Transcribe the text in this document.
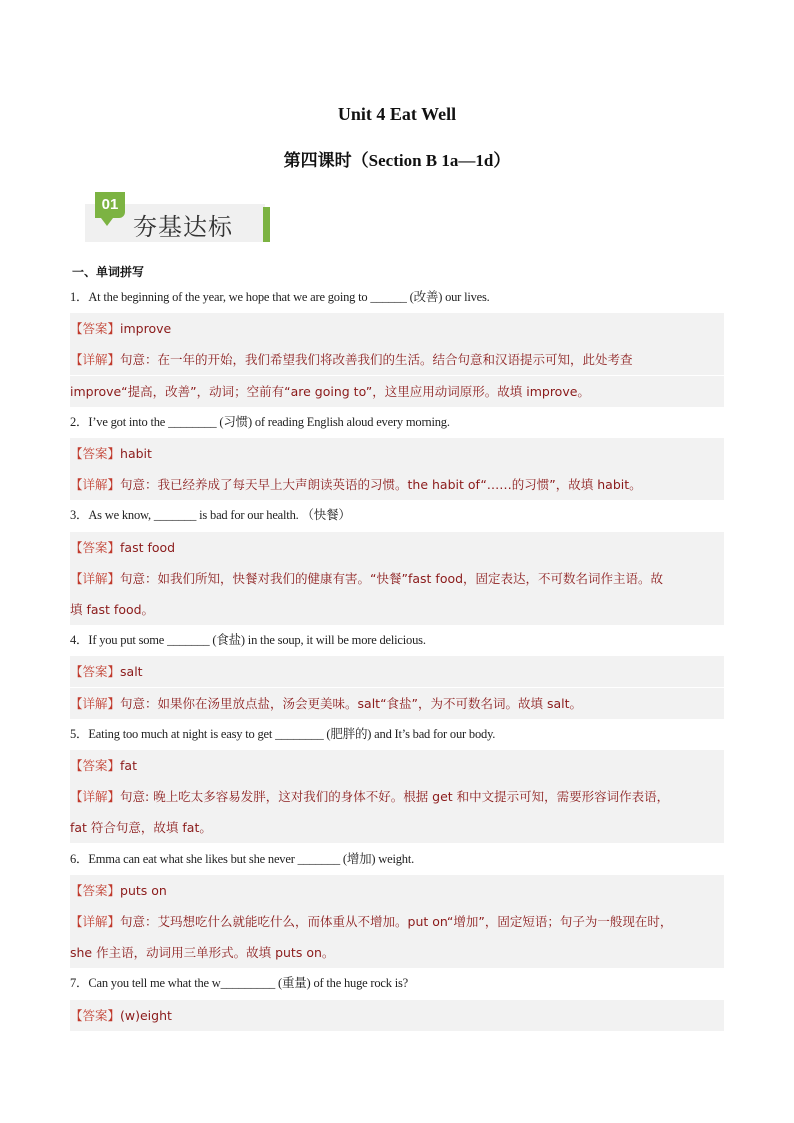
Unit 4 Eat Well
第四课时（Section B 1a—1d）
01
夯基达标
一、单词拼写
1．At the beginning of the year, we hope that we are going to ______ (改善) our lives.
【答案】improve
【详解】句意：在一年的开始，我们希望我们将改善我们的生活。结合句意和汉语提示可知，此处考查
improve“提高，改善”，动词；空前有“are going to”，这里应用动词原形。故填 improve。
2．I’ve got into the ________ (习惯) of reading English aloud every morning.
【答案】habit
【详解】句意：我已经养成了每天早上大声朗读英语的习惯。the habit of“……的习惯”，故填 habit。
3．As we know, _______ is bad for our health. （快餐）
【答案】fast food
【详解】句意：如我们所知，快餐对我们的健康有害。“快餐”fast food，固定表达，不可数名词作主语。故
填 fast food。
4．If you put some _______ (食盐) in the soup, it will be more delicious.
【答案】salt
【详解】句意：如果你在汤里放点盐，汤会更美味。salt“食盐”，为不可数名词。故填 salt。
5．Eating too much at night is easy to get ________ (肥胖的) and It’s bad for our body.
【答案】fat
【详解】句意: 晚上吃太多容易发胖，这对我们的身体不好。根据 get 和中文提示可知，需要形容词作表语，
fat 符合句意，故填 fat。
6．Emma can eat what she likes but she never _______ (增加) weight.
【答案】puts on
【详解】句意：艾玛想吃什么就能吃什么，而体重从不增加。put on“增加”，固定短语；句子为一般现在时，
she 作主语，动词用三单形式。故填 puts on。
7．Can you tell me what the w_________ (重量) of the huge rock is?
【答案】(w)eight
